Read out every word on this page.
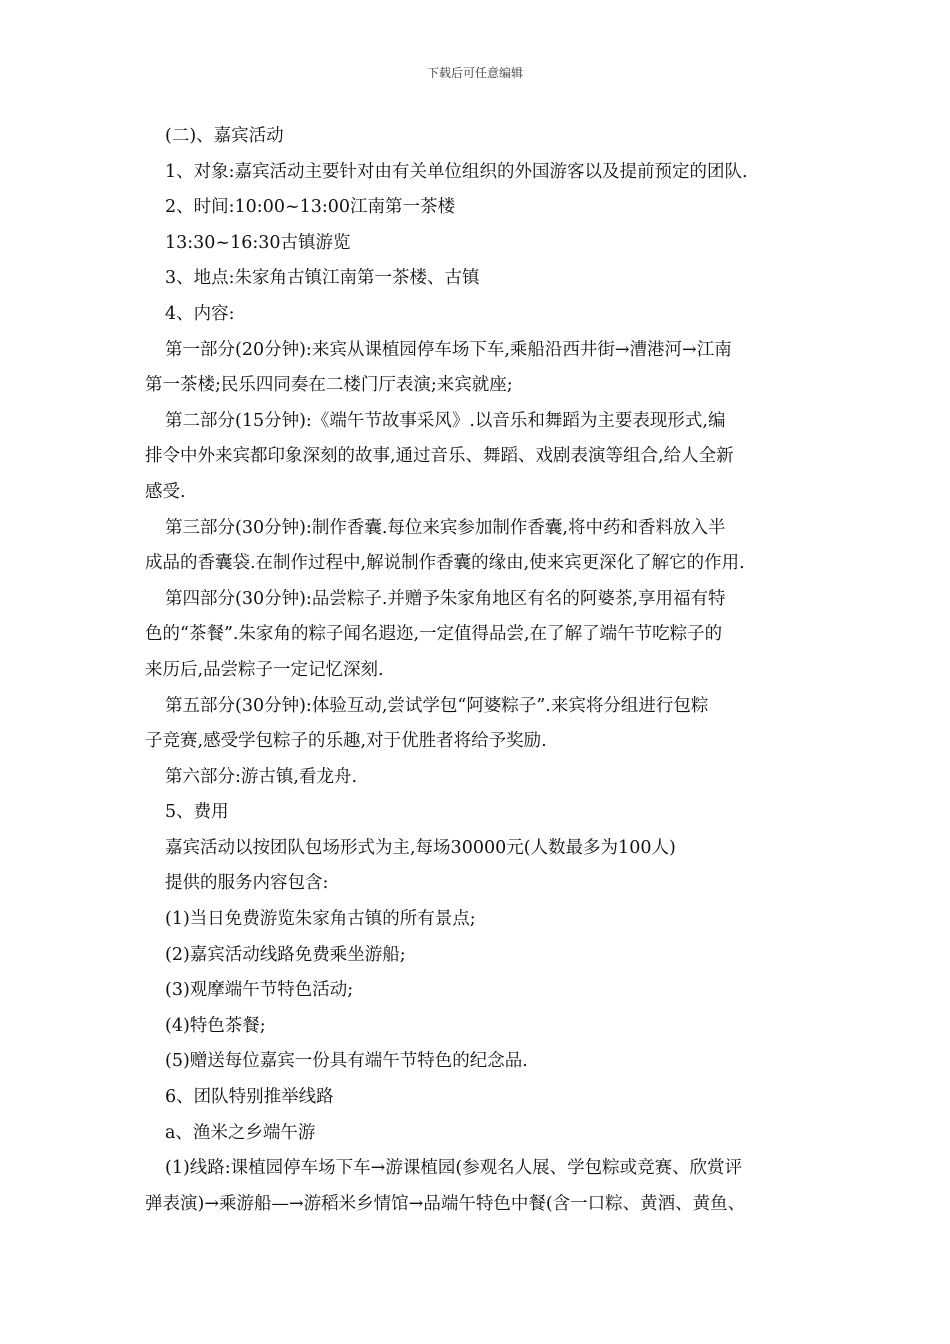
下载后可任意编辑
(二)、嘉宾活动
1、对象:嘉宾活动主要针对由有关单位组织的外国游客以及提前预定的团队.
2、时间:10:00~13:00江南第一茶楼
13:30~16:30古镇游览
3、地点:朱家角古镇江南第一茶楼、古镇
4、内容:
第一部分(20分钟):来宾从课植园停车场下车,乘船沿西井街→漕港河→江南
第一茶楼;民乐四同奏在二楼门厅表演;来宾就座;
第二部分(15分钟):《端午节故事采风》.以音乐和舞蹈为主要表现形式,编
排令中外来宾都印象深刻的故事,通过音乐、舞蹈、戏剧表演等组合,给人全新
感受.
第三部分(30分钟):制作香囊.每位来宾参加制作香囊,将中药和香料放入半
成品的香囊袋.在制作过程中,解说制作香囊的缘由,使来宾更深化了解它的作用.
第四部分(30分钟):品尝粽子.并赠予朱家角地区有名的阿婆茶,享用福有特
色的“茶餐”.朱家角的粽子闻名遐迩,一定值得品尝,在了解了端午节吃粽子的
来历后,品尝粽子一定记忆深刻.
第五部分(30分钟):体验互动,尝试学包“阿婆粽子”.来宾将分组进行包粽
子竞赛,感受学包粽子的乐趣,对于优胜者将给予奖励.
第六部分:游古镇,看龙舟.
5、费用
嘉宾活动以按团队包场形式为主,每场30000元(人数最多为100人)
提供的服务内容包含:
(1)当日免费游览朱家角古镇的所有景点;
(2)嘉宾活动线路免费乘坐游船;
(3)观摩端午节特色活动;
(4)特色茶餐;
(5)赠送每位嘉宾一份具有端午节特色的纪念品.
6、团队特别推举线路
a、渔米之乡端午游
(1)线路:课植园停车场下车→游课植园(参观名人展、学包粽或竞赛、欣赏评
弹表演)→乘游船—→游稻米乡情馆→品端午特色中餐(含一口粽、黄酒、黄鱼、
